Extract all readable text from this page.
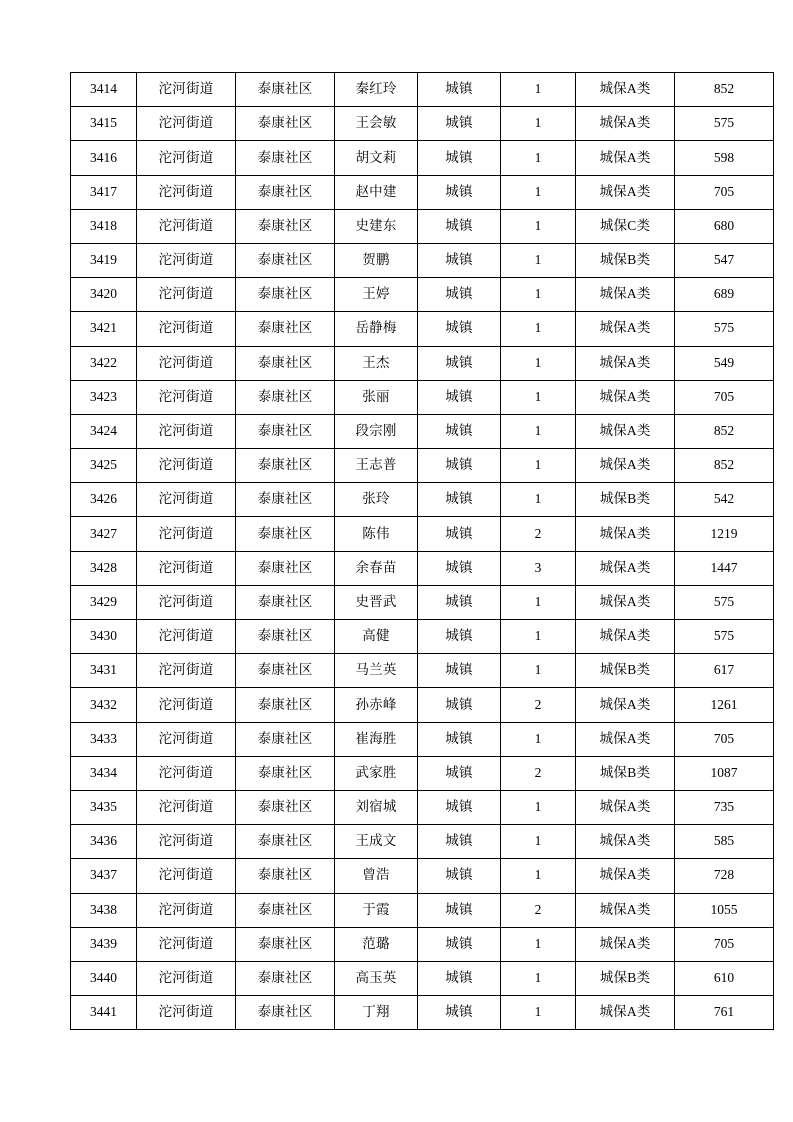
3414	沱河街道	泰康社区	秦红玲	城镇	1	城保A类	852
3415	沱河街道	泰康社区	王会敏	城镇	1	城保A类	575
3416	沱河街道	泰康社区	胡文莉	城镇	1	城保A类	598
3417	沱河街道	泰康社区	赵中建	城镇	1	城保A类	705
3418	沱河街道	泰康社区	史建东	城镇	1	城保C类	680
3419	沱河街道	泰康社区	贺鹏	城镇	1	城保B类	547
3420	沱河街道	泰康社区	王婷	城镇	1	城保A类	689
3421	沱河街道	泰康社区	岳静梅	城镇	1	城保A类	575
3422	沱河街道	泰康社区	王杰	城镇	1	城保A类	549
3423	沱河街道	泰康社区	张丽	城镇	1	城保A类	705
3424	沱河街道	泰康社区	段宗刚	城镇	1	城保A类	852
3425	沱河街道	泰康社区	王志普	城镇	1	城保A类	852
3426	沱河街道	泰康社区	张玲	城镇	1	城保B类	542
3427	沱河街道	泰康社区	陈伟	城镇	2	城保A类	1219
3428	沱河街道	泰康社区	余春苗	城镇	3	城保A类	1447
3429	沱河街道	泰康社区	史晋武	城镇	1	城保A类	575
3430	沱河街道	泰康社区	高健	城镇	1	城保A类	575
3431	沱河街道	泰康社区	马兰英	城镇	1	城保B类	617
3432	沱河街道	泰康社区	孙赤峰	城镇	2	城保A类	1261
3433	沱河街道	泰康社区	崔海胜	城镇	1	城保A类	705
3434	沱河街道	泰康社区	武家胜	城镇	2	城保B类	1087
3435	沱河街道	泰康社区	刘宿城	城镇	1	城保A类	735
3436	沱河街道	泰康社区	王成文	城镇	1	城保A类	585
3437	沱河街道	泰康社区	曾浩	城镇	1	城保A类	728
3438	沱河街道	泰康社区	于霞	城镇	2	城保A类	1055
3439	沱河街道	泰康社区	范璐	城镇	1	城保A类	705
3440	沱河街道	泰康社区	高玉英	城镇	1	城保B类	610
3441	沱河街道	泰康社区	丁翔	城镇	1	城保A类	761
